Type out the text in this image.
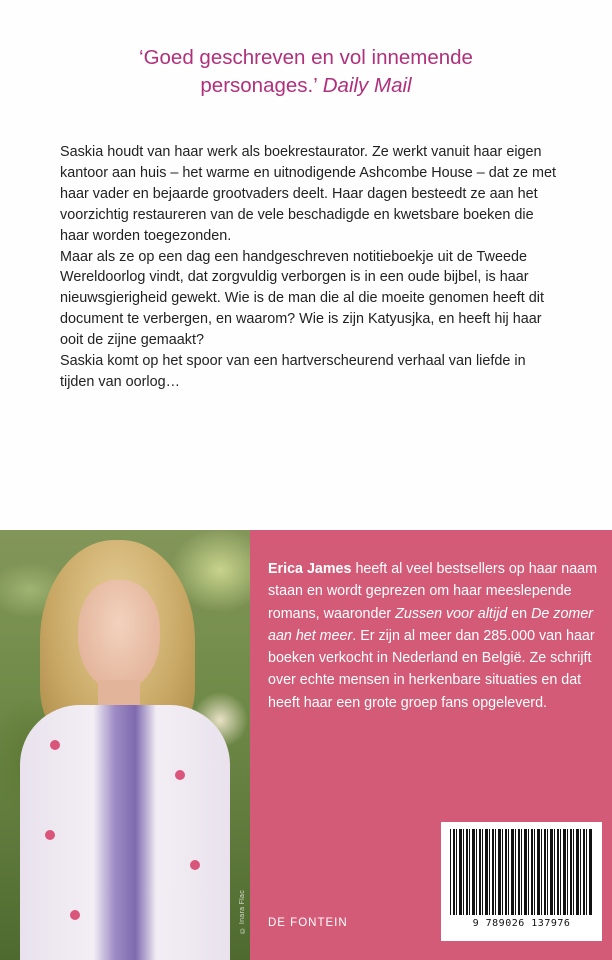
‘Goed geschreven en vol innemende
personages.’ Daily Mail

Saskia houdt van haar werk als boekrestaurator. Ze werkt vanuit haar eigen kantoor aan huis – het warme en uitnodigende Ashcombe House – dat ze met haar vader en bejaarde grootvaders deelt. Haar dagen besteedt ze aan het voorzichtig restaureren van de vele beschadigde en kwetsbare boeken die haar worden toegezonden.

Maar als ze op een dag een handgeschreven notitieboekje uit de Tweede Wereldoorlog vindt, dat zorgvuldig verborgen is in een oude bijbel, is haar nieuwsgierigheid gewekt. Wie is de man die al die moeite genomen heeft dit document te verbergen, en waarom? Wie is zijn Katyusjka, en heeft hij haar ooit de zijne gemaakt?

Saskia komt op het spoor van een hartverscheurend verhaal van liefde in tijden van oorlog…

© Inara Flac
Erica James heeft al veel bestsellers op haar naam staan en wordt geprezen om haar meeslepende romans, waaronder Zussen voor altijd en De zomer aan het meer. Er zijn al meer dan 285.000 van haar boeken verkocht in Nederland en België. Ze schrijft over echte mensen in herkenbare situaties en dat heeft haar een grote groep fans opgeleverd.
DE FONTEIN	9 789026 137976
